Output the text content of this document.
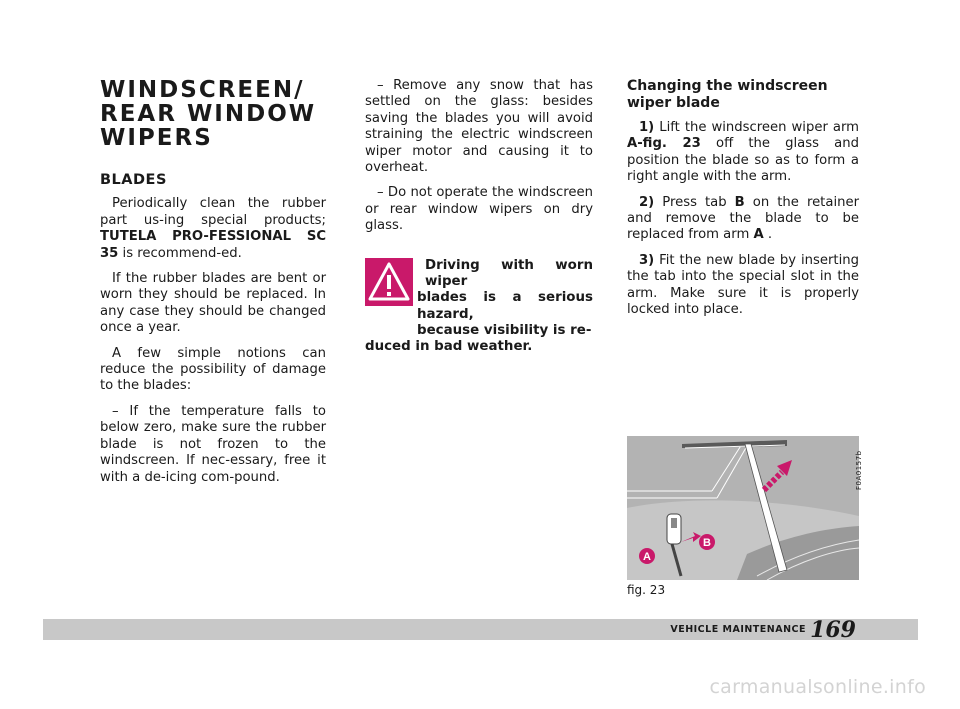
WINDSCREEN/
REAR WINDOW
WIPERS
BLADES

Periodically clean the rubber part us-ing special products; TUTELA PRO-FESSIONAL SC 35 is recommend-ed.

If the rubber blades are bent or worn they should be replaced. In any case they should be changed once a year.

A few simple notions can reduce the possibility of damage to the blades:

– If the temperature falls to below zero, make sure the rubber blade is not frozen to the windscreen. If nec-essary, free it with a de-icing com-pound.

– Remove any snow that has settled on the glass: besides saving the blades you will avoid straining the electric windscreen wiper motor and causing it to overheat.

– Do not operate the windscreen or rear window wipers on dry glass.

Driving with worn wiper
blades is a serious hazard,
because visibility is re-
duced in bad weather.
Changing the windscreen wiper blade

1) Lift the windscreen wiper arm A-fig. 23 off the glass and position the blade so as to form a right angle with the arm.

2) Press tab B on the retainer and remove the blade to be replaced from arm A .

3) Fit the new blade by inserting the tab into the special slot in the arm. Make sure it is properly locked into place.

A
B
F0A0157b
fig. 23
VEHICLE MAINTENANCE 169
carmanualsonline.info
